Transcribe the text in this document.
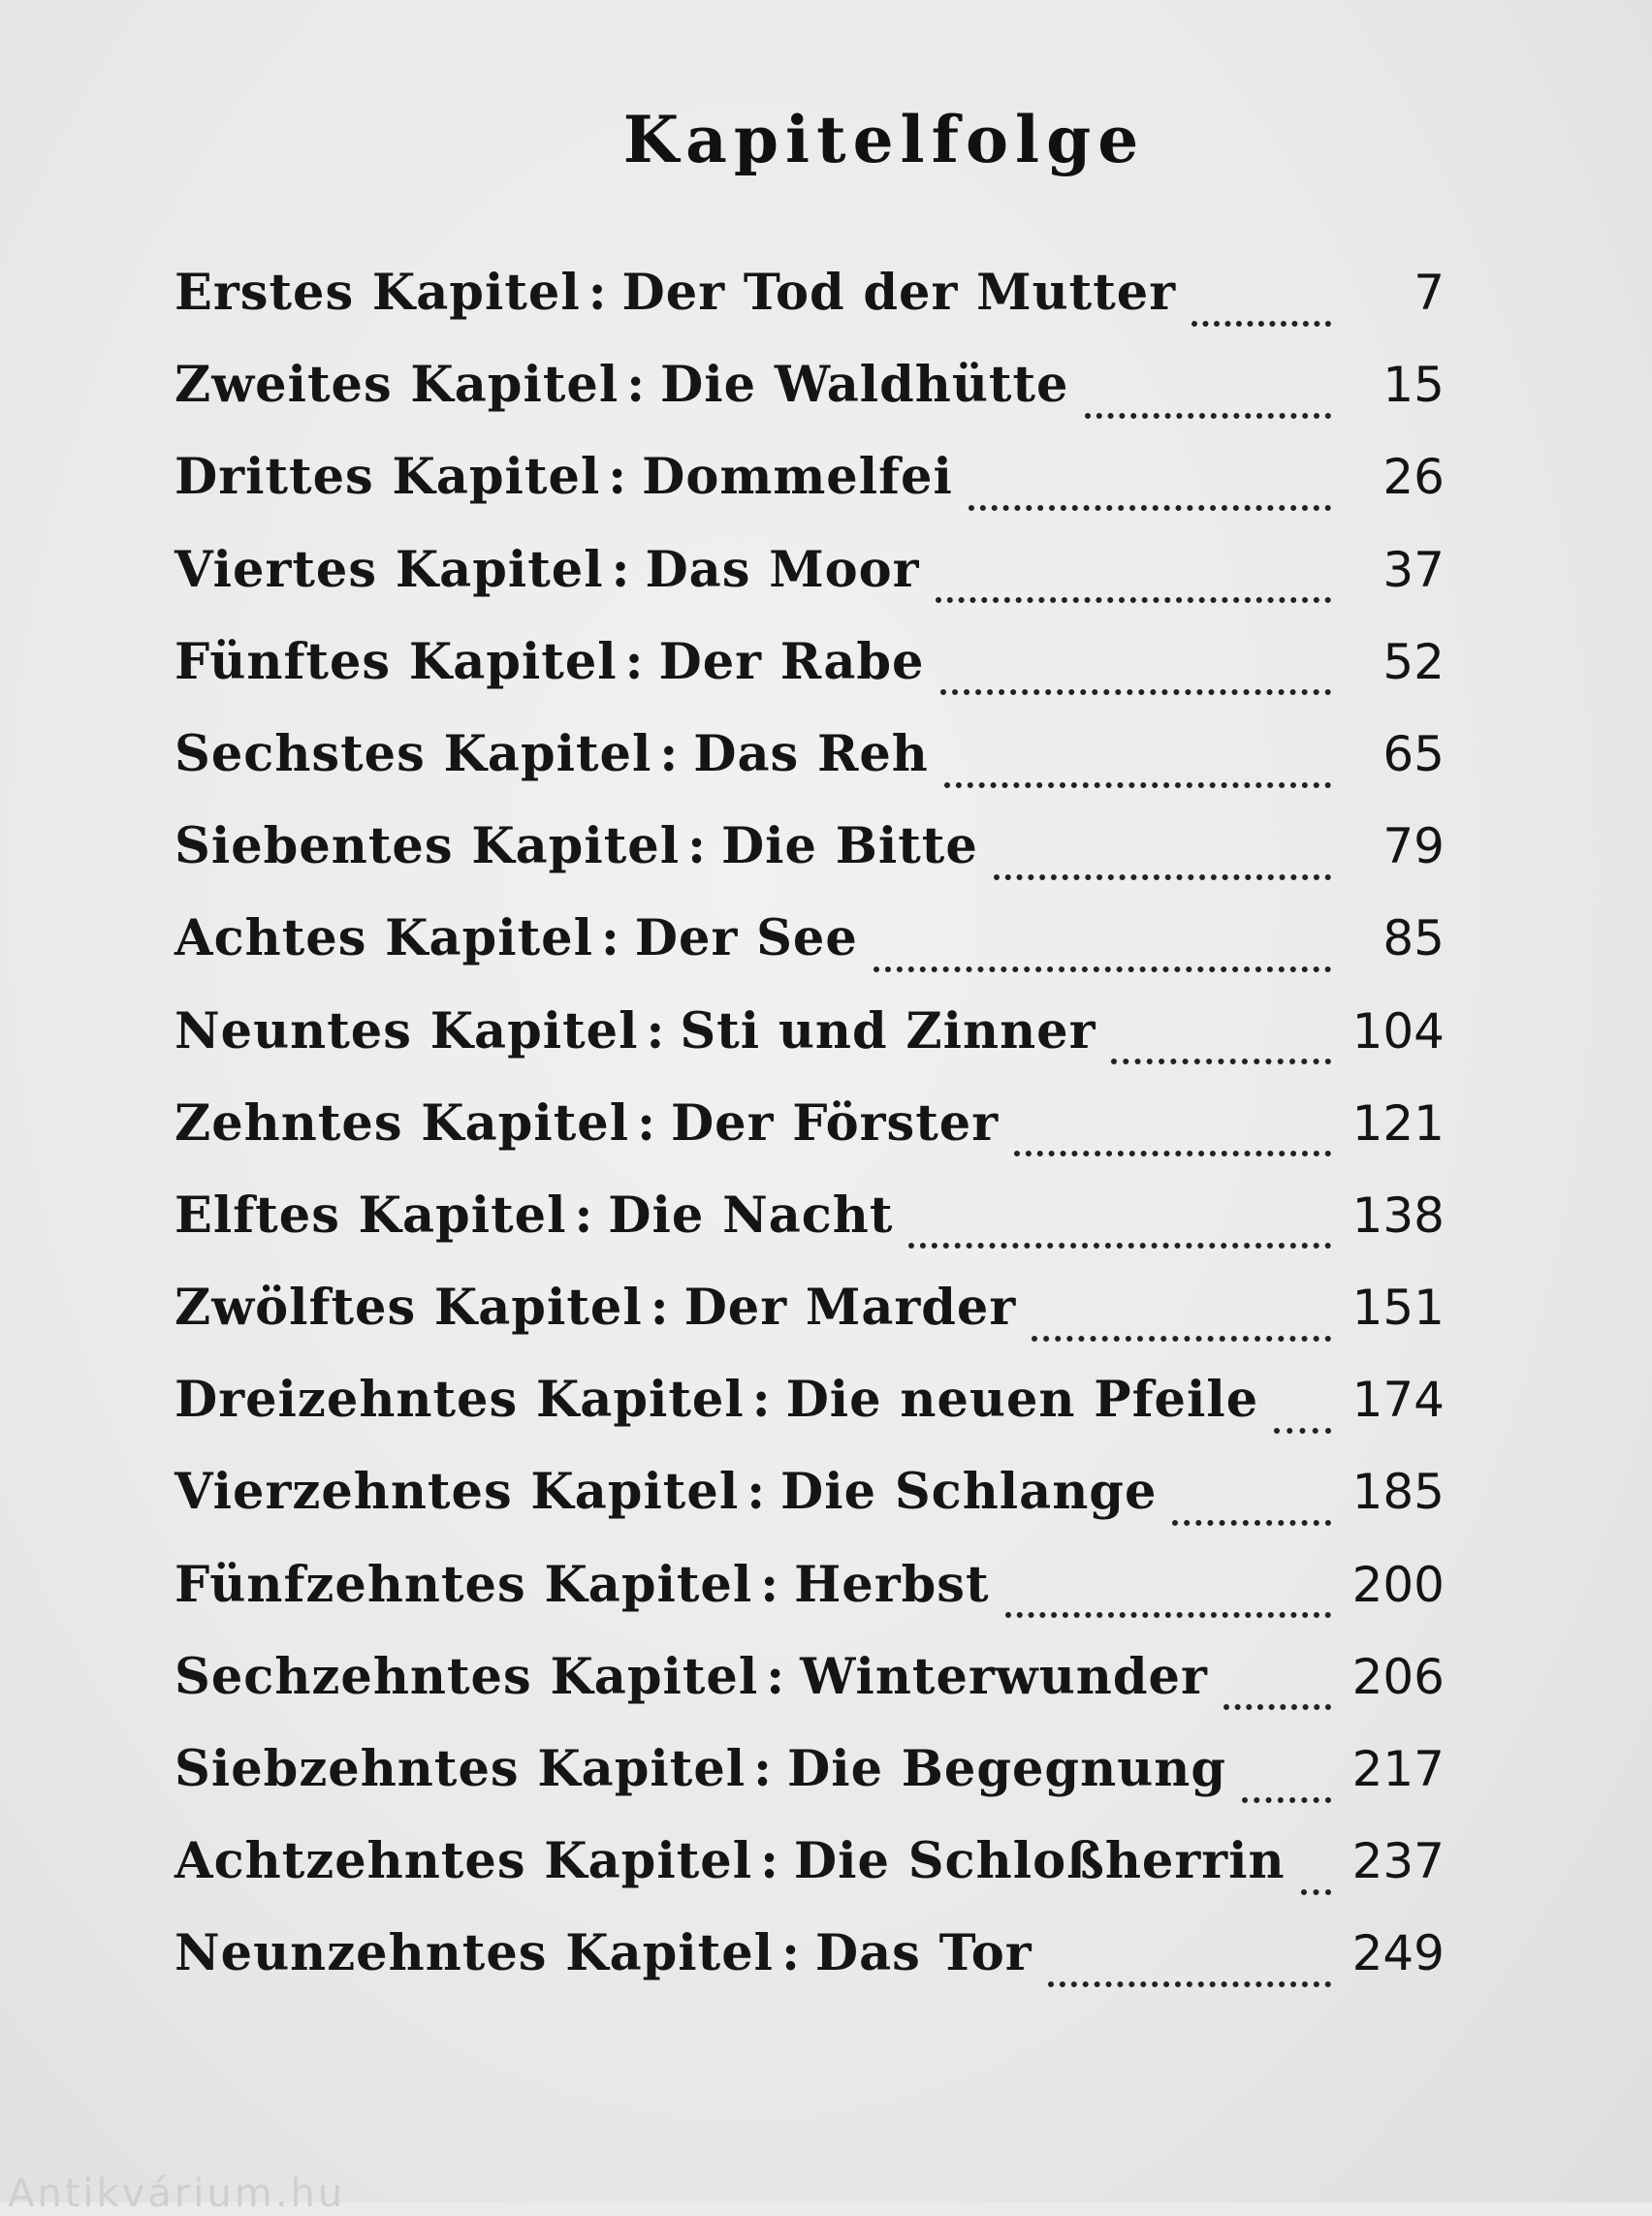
Kapitelfolge
Erstes Kapitel : Der Tod der Mutter	7
Zweites Kapitel : Die Waldhütte	15
Drittes Kapitel : Dommelfei	26
Viertes Kapitel : Das Moor	37
Fünftes Kapitel : Der Rabe	52
Sechstes Kapitel : Das Reh	65
Siebentes Kapitel : Die Bitte	79
Achtes Kapitel : Der See	85
Neuntes Kapitel : Sti und Zinner	104
Zehntes Kapitel : Der Förster	121
Elftes Kapitel : Die Nacht	138
Zwölftes Kapitel : Der Marder	151
Dreizehntes Kapitel : Die neuen Pfeile 174
Vierzehntes Kapitel : Die Schlange	185
Fünfzehntes Kapitel : Herbst	200
Sechzehntes Kapitel : Winterwunder	206
Siebzehntes Kapitel : Die Begegnung	217
Achtzehntes Kapitel : Die Schloßherrin 237
Neunzehntes Kapitel : Das Tor	249
Antikvárium.hu
